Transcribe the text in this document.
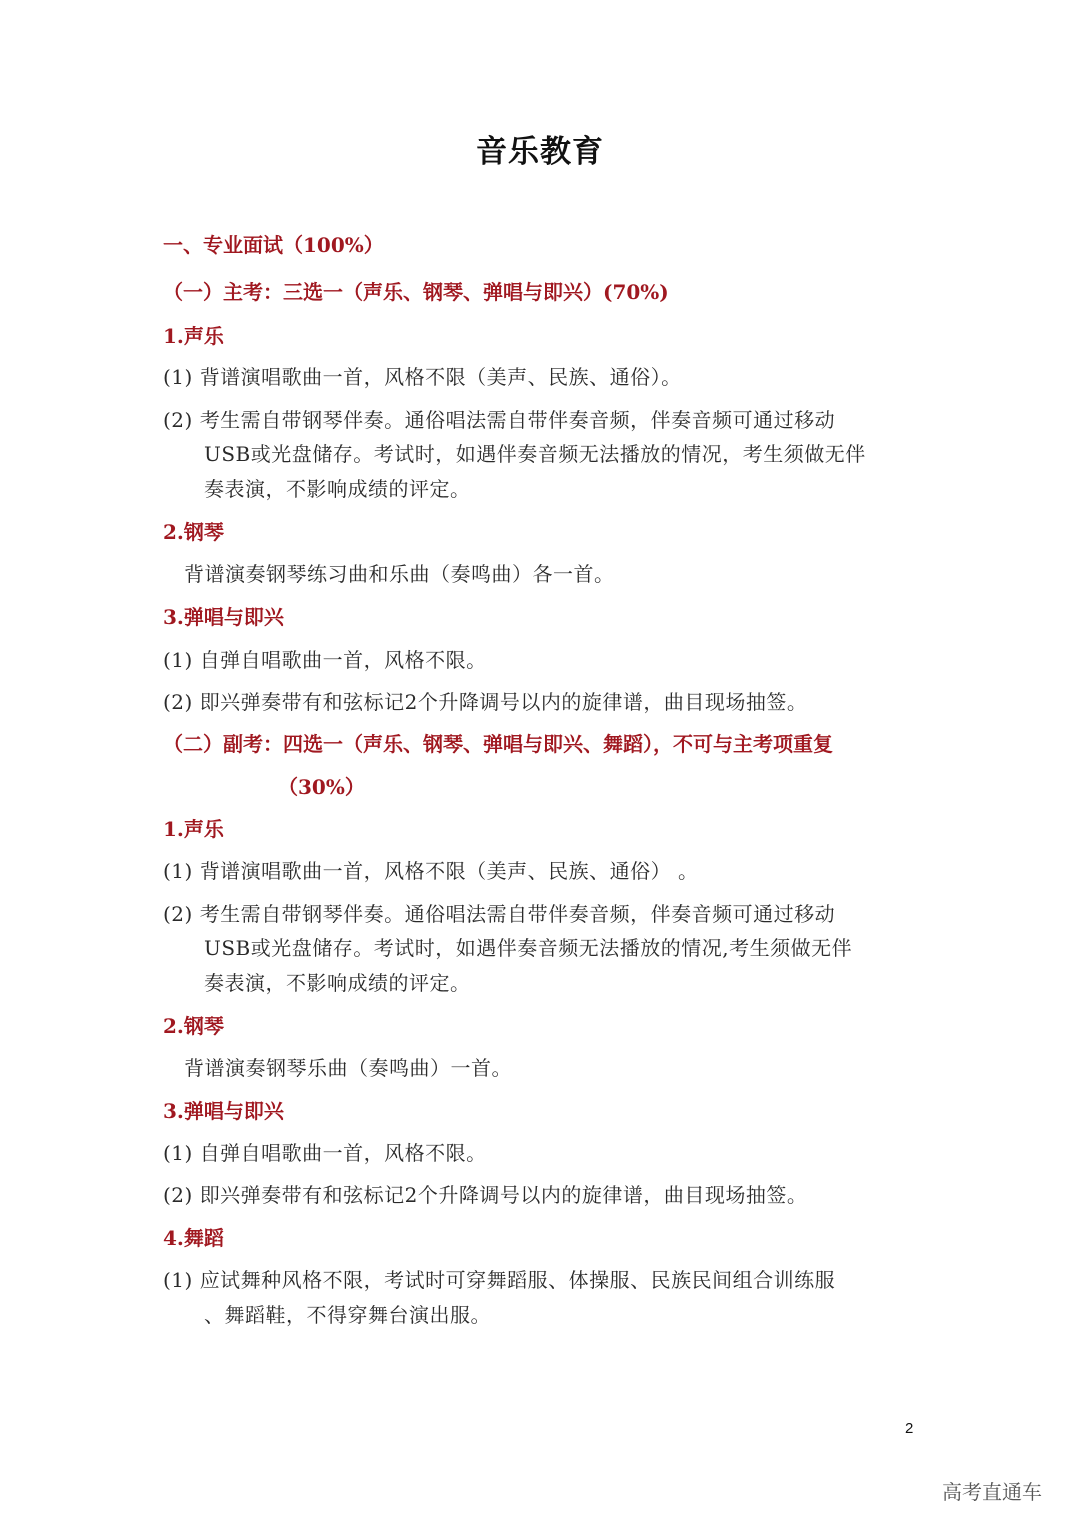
音乐教育
一、专业面试（100%）
（一）主考：三选一（声乐、钢琴、弹唱与即兴）(70%)
1.声乐
(1) 背谱演唱歌曲一首，风格不限（美声、民族、通俗）。
(2) 考生需自带钢琴伴奏。通俗唱法需自带伴奏音频，伴奏音频可通过移动
USB或光盘储存。考试时，如遇伴奏音频无法播放的情况，考生须做无伴
奏表演，不影响成绩的评定。
2.钢琴
背谱演奏钢琴练习曲和乐曲（奏鸣曲）各一首。
3.弹唱与即兴
(1) 自弹自唱歌曲一首，风格不限。
(2) 即兴弹奏带有和弦标记2个升降调号以内的旋律谱，曲目现场抽签。
（二）副考：四选一（声乐、钢琴、弹唱与即兴、舞蹈），不可与主考项重复
（30%）
1.声乐
(1) 背谱演唱歌曲一首，风格不限（美声、民族、通俗） 。
(2) 考生需自带钢琴伴奏。通俗唱法需自带伴奏音频，伴奏音频可通过移动
USB或光盘储存。考试时，如遇伴奏音频无法播放的情况,考生须做无伴
奏表演，不影响成绩的评定。
2.钢琴
背谱演奏钢琴乐曲（奏鸣曲）一首。
3.弹唱与即兴
(1) 自弹自唱歌曲一首，风格不限。
(2) 即兴弹奏带有和弦标记2个升降调号以内的旋律谱，曲目现场抽签。
4.舞蹈
(1) 应试舞种风格不限，考试时可穿舞蹈服、体操服、民族民间组合训练服
、舞蹈鞋，不得穿舞台演出服。
2
高考直通车
